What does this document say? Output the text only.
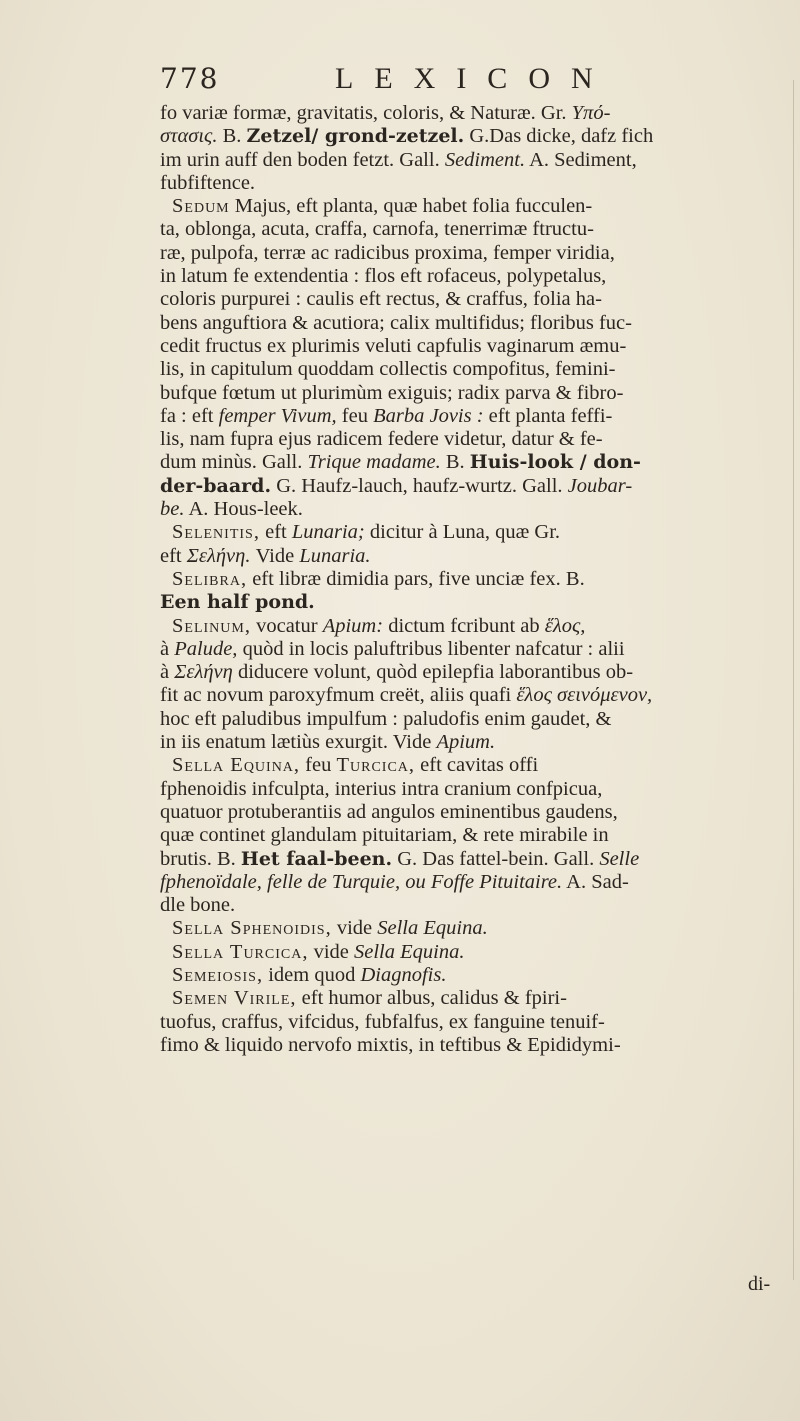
778	LEXICON

fo variæ formæ, gravitatis, coloris, & Naturæ. Gr. Υπό-

στασις. B. Zetzel/ grond-zetzel. G.Das dicke, dafz fich

im urin auff den boden fetzt. Gall. Sediment. A. Sediment,

fubfiftence.

Sedum Majus, eft planta, quæ habet folia fucculen-

ta, oblonga, acuta, craffa, carnofa, tenerrimæ ftructu-

ræ, pulpofa, terræ ac radicibus proxima, femper viridia,

in latum fe extendentia : flos eft rofaceus, polypetalus,

coloris purpurei : caulis eft rectus, & craffus, folia ha-

bens anguftiora & acutiora; calix multifidus; floribus fuc-

cedit fructus ex plurimis veluti capfulis vaginarum æmu-

lis, in capitulum quoddam collectis compofitus, femini-

bufque fœtum ut plurimùm exiguis; radix parva & fibro-

fa : eft femper Vivum, feu Barba Jovis : eft planta feffi-

lis, nam fupra ejus radicem federe videtur, datur & fe-

dum minùs. Gall. Trique madame. B. Huis-look / don-

der-baard. G. Haufz-lauch, haufz-wurtz. Gall. Joubar-

be. A. Hous-leek.

Selenitis, eft Lunaria; dicitur à Luna, quæ Gr.

eft Σελήνη. Vide Lunaria.

Selibra, eft libræ dimidia pars, five unciæ fex. B.

Een half pond.

Selinum, vocatur Apium: dictum fcribunt ab ἕλος,

à Palude, quòd in locis paluftribus libenter nafcatur : alii

à Σελήνη diducere volunt, quòd epilepfia laborantibus ob-

fit ac novum paroxyfmum creët, aliis quafi ἕλος σεινόμενον,

hoc eft paludibus impulfum : paludofis enim gaudet, &

in iis enatum lætiùs exurgit. Vide Apium.

Sella Equina, feu Turcica, eft cavitas offi

fphenoidis infculpta, interius intra cranium confpicua,

quatuor protuberantiis ad angulos eminentibus gaudens,

quæ continet glandulam pituitariam, & rete mirabile in

brutis. B. Het faal-been. G. Das fattel-bein. Gall. Selle

fphenoïdale, felle de Turquie, ou Foffe Pituitaire. A. Sad-

dle bone.

Sella Sphenoidis, vide Sella Equina.

Sella Turcica, vide Sella Equina.

Semeiosis, idem quod Diagnofis.

Semen Virile, eft humor albus, calidus & fpiri-

tuofus, craffus, vifcidus, fubfalfus, ex fanguine tenuif-

fimo & liquido nervofo mixtis, in teftibus & Epididymi-

di-
